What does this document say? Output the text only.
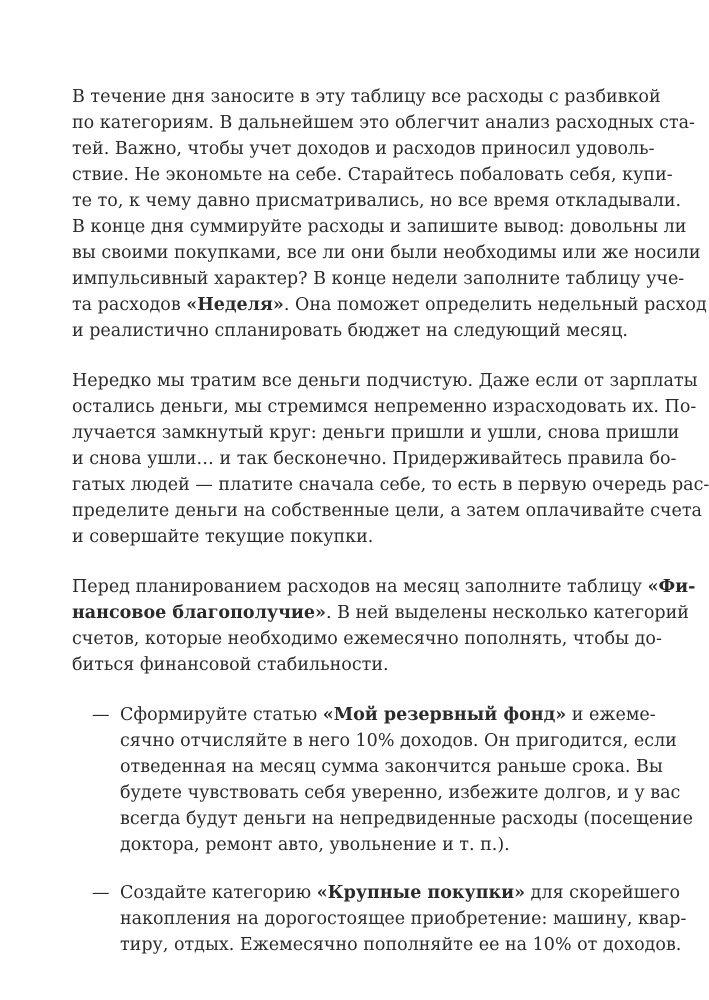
В течение дня заносите в эту таблицу все расходы с разбивкой
по категориям. В дальнейшем это облегчит анализ расходных ста-
тей. Важно, чтобы учет доходов и расходов приносил удоволь-
ствие. Не экономьте на себе. Старайтесь побаловать себя, купи-
те то, к чему давно присматривались, но все время откладывали.
В конце дня суммируйте расходы и запишите вывод: довольны ли
вы своими покупками, все ли они были необходимы или же носили
импульсивный характер? В конце недели заполните таблицу уче-
та расходов «Неделя». Она поможет определить недельный расход
и реалистично спланировать бюджет на следующий месяц.
Нередко мы тратим все деньги подчистую. Даже если от зарплаты
остались деньги, мы стремимся непременно израсходовать их. По-
лучается замкнутый круг: деньги пришли и ушли, снова пришли
и снова ушли… и так бесконечно. Придерживайтесь правила бо-
гатых людей — платите сначала себе, то есть в первую очередь рас-
пределите деньги на собственные цели, а затем оплачивайте счета
и совершайте текущие покупки.
Перед планированием расходов на месяц заполните таблицу «Фи-
нансовое благополучие». В ней выделены несколько категорий
счетов, которые необходимо ежемесячно пополнять, чтобы до-
биться финансовой стабильности.
— Сформируйте статью «Мой резервный фонд» и ежеме-
сячно отчисляйте в него 10% доходов. Он пригодится, если
отведенная на месяц сумма закончится раньше срока. Вы
будете чувствовать себя уверенно, избежите долгов, и у вас
всегда будут деньги на непредвиденные расходы (посещение
доктора, ремонт авто, увольнение и т. п.).
— Создайте категорию «Крупные покупки» для скорейшего
накопления на дорогостоящее приобретение: машину, квар-
тиру, отдых. Ежемесячно пополняйте ее на 10% от доходов.
